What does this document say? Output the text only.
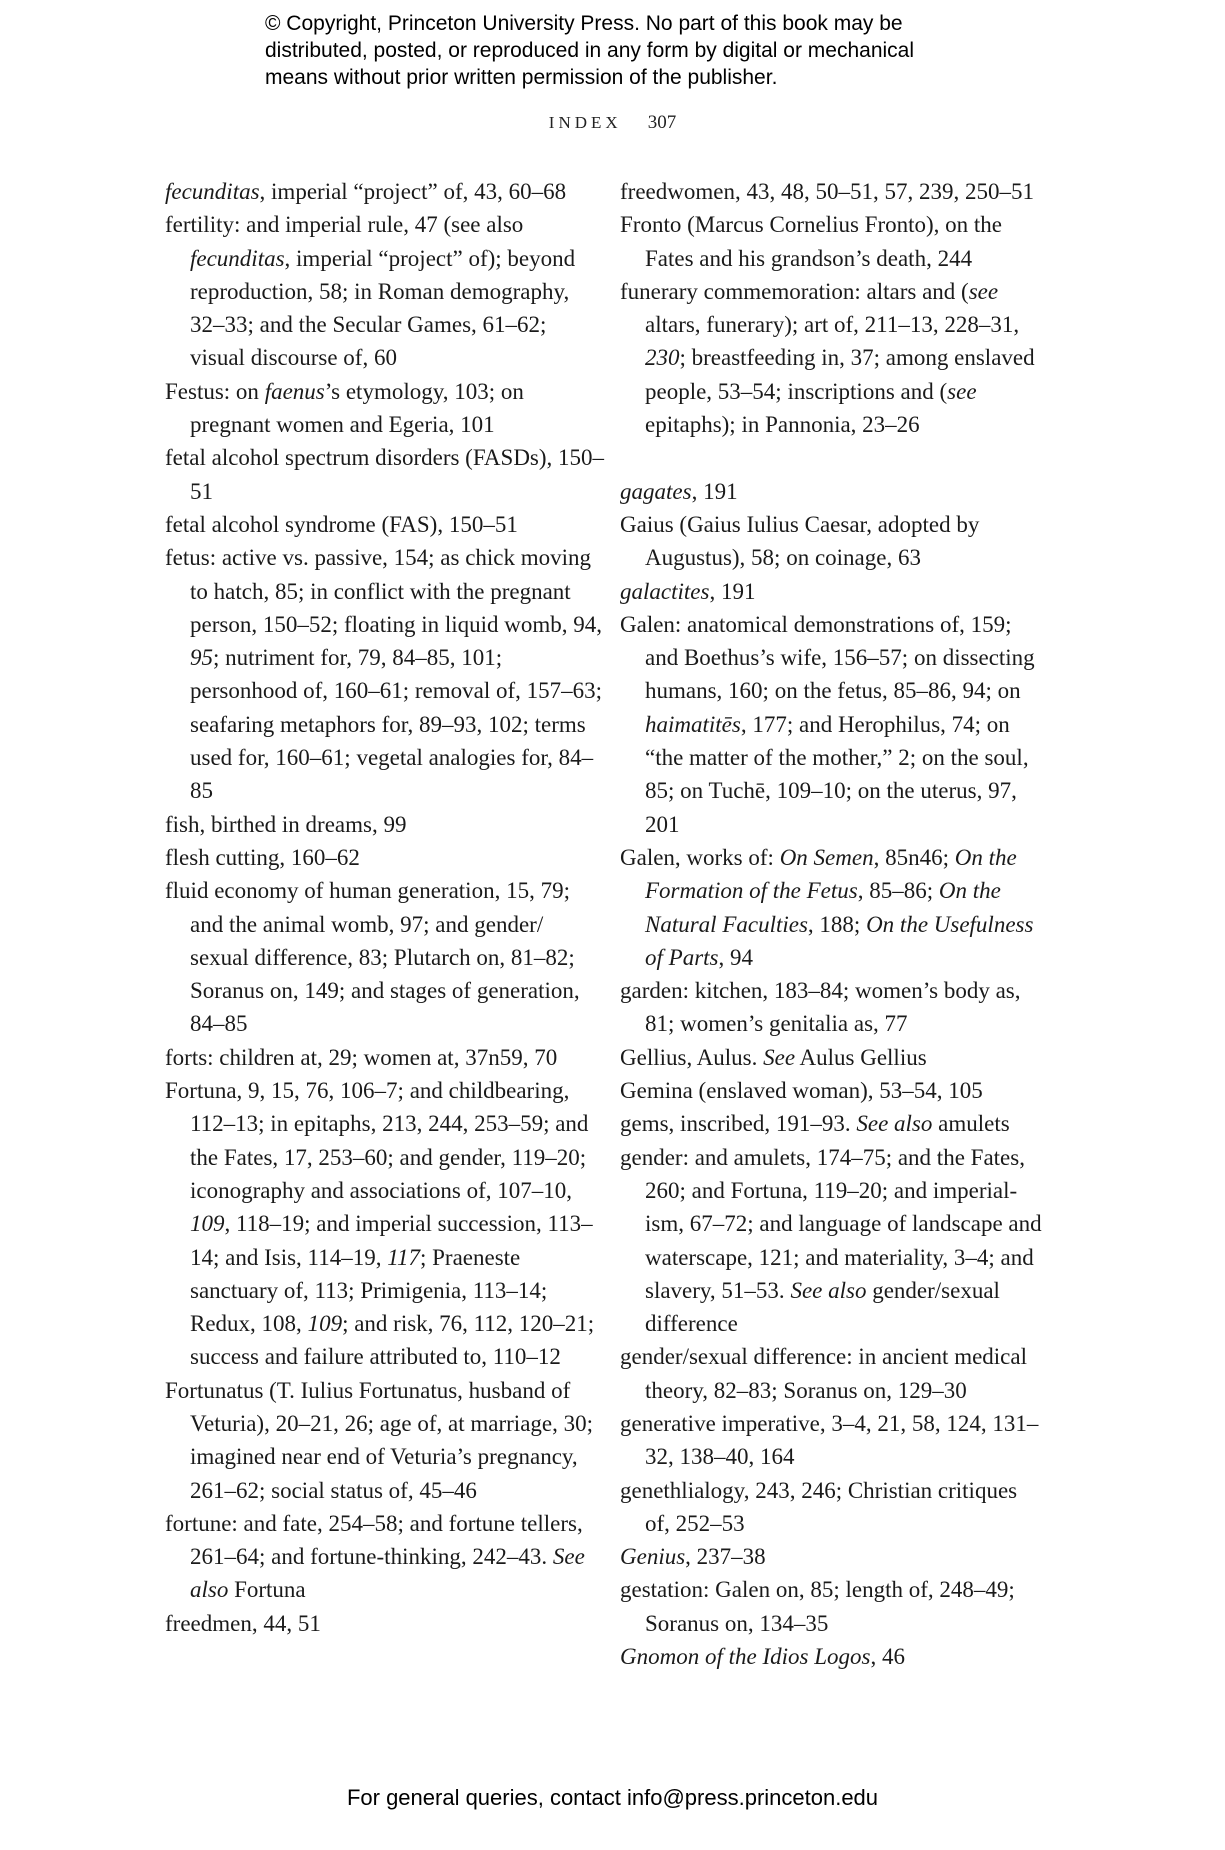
© Copyright, Princeton University Press. No part of this book may be
distributed, posted, or reproduced in any form by digital or mechanical
means without prior written permission of the publisher.
INDEX 307

fecunditas, imperial “project” of, 43, 60–68

fertility: and imperial rule, 47 (see also fecunditas, imperial “project” of); beyond reproduction, 58; in Roman demography, 32–33; and the Secular Games, 61–62; visual discourse of, 60

Festus: on faenus’s etymology, 103; on pregnant women and Egeria, 101

fetal alcohol spectrum disorders (FASDs), 150–51

fetal alcohol syndrome (FAS), 150–51

fetus: active vs. passive, 154; as chick moving to hatch, 85; in conflict with the pregnant person, 150–52; floating in liquid womb, 94, 95; nutriment for, 79, 84–85, 101; personhood of, 160–61; removal of, 157–63; seafaring metaphors for, 89–93, 102; terms used for, 160–61; vegetal analogies for, 84–85

fish, birthed in dreams, 99

flesh cutting, 160–62

fluid economy of human generation, 15, 79; and the animal womb, 97; and gender/ sexual difference, 83; Plutarch on, 81–82; Soranus on, 149; and stages of generation, 84–85

forts: children at, 29; women at, 37n59, 70

Fortuna, 9, 15, 76, 106–7; and childbearing, 112–13; in epitaphs, 213, 244, 253–59; and the Fates, 17, 253–60; and gender, 119–20; iconography and associations of, 107–10, 109, 118–19; and imperial succession, 113–14; and Isis, 114–19, 117; Praeneste sanctuary of, 113; Primigenia, 113–14; Redux, 108, 109; and risk, 76, 112, 120–21; success and failure attributed to, 110–12

Fortunatus (T. Iulius Fortunatus, husband of Veturia), 20–21, 26; age of, at marriage, 30; imagined near end of Veturia’s pregnancy, 261–62; social status of, 45–46

fortune: and fate, 254–58; and fortune tellers, 261–64; and fortune-thinking, 242–43. See also Fortuna

freedmen, 44, 51

freedwomen, 43, 48, 50–51, 57, 239, 250–51

Fronto (Marcus Cornelius Fronto), on the Fates and his grandson’s death, 244

funerary commemoration: altars and (see altars, funerary); art of, 211–13, 228–31, 230; breastfeeding in, 37; among enslaved people, 53–54; inscriptions and (see epitaphs); in Pannonia, 23–26

gagates, 191

Gaius (Gaius Iulius Caesar, adopted by Augustus), 58; on coinage, 63

galactites, 191

Galen: anatomical demonstrations of, 159; and Boethus’s wife, 156–57; on dissecting humans, 160; on the fetus, 85–86, 94; on haimatitēs, 177; and Herophilus, 74; on “the matter of the mother,” 2; on the soul, 85; on Tuchē, 109–10; on the uterus, 97, 201

Galen, works of: On Semen, 85n46; On the Formation of the Fetus, 85–86; On the Natural Faculties, 188; On the Usefulness of Parts, 94

garden: kitchen, 183–84; women’s body as, 81; women’s genitalia as, 77

Gellius, Aulus. See Aulus Gellius

Gemina (enslaved woman), 53–54, 105

gems, inscribed, 191–93. See also amulets

gender: and amulets, 174–75; and the Fates, 260; and Fortuna, 119–20; and imperial-ism, 67–72; and language of landscape and waterscape, 121; and materiality, 3–4; and slavery, 51–53. See also gender/sexual difference

gender/sexual difference: in ancient medical theory, 82–83; Soranus on, 129–30

generative imperative, 3–4, 21, 58, 124, 131–32, 138–40, 164

genethlialogy, 243, 246; Christian critiques of, 252–53

Genius, 237–38

gestation: Galen on, 85; length of, 248–49; Soranus on, 134–35

Gnomon of the Idios Logos, 46

For general queries, contact info@press.princeton.edu
